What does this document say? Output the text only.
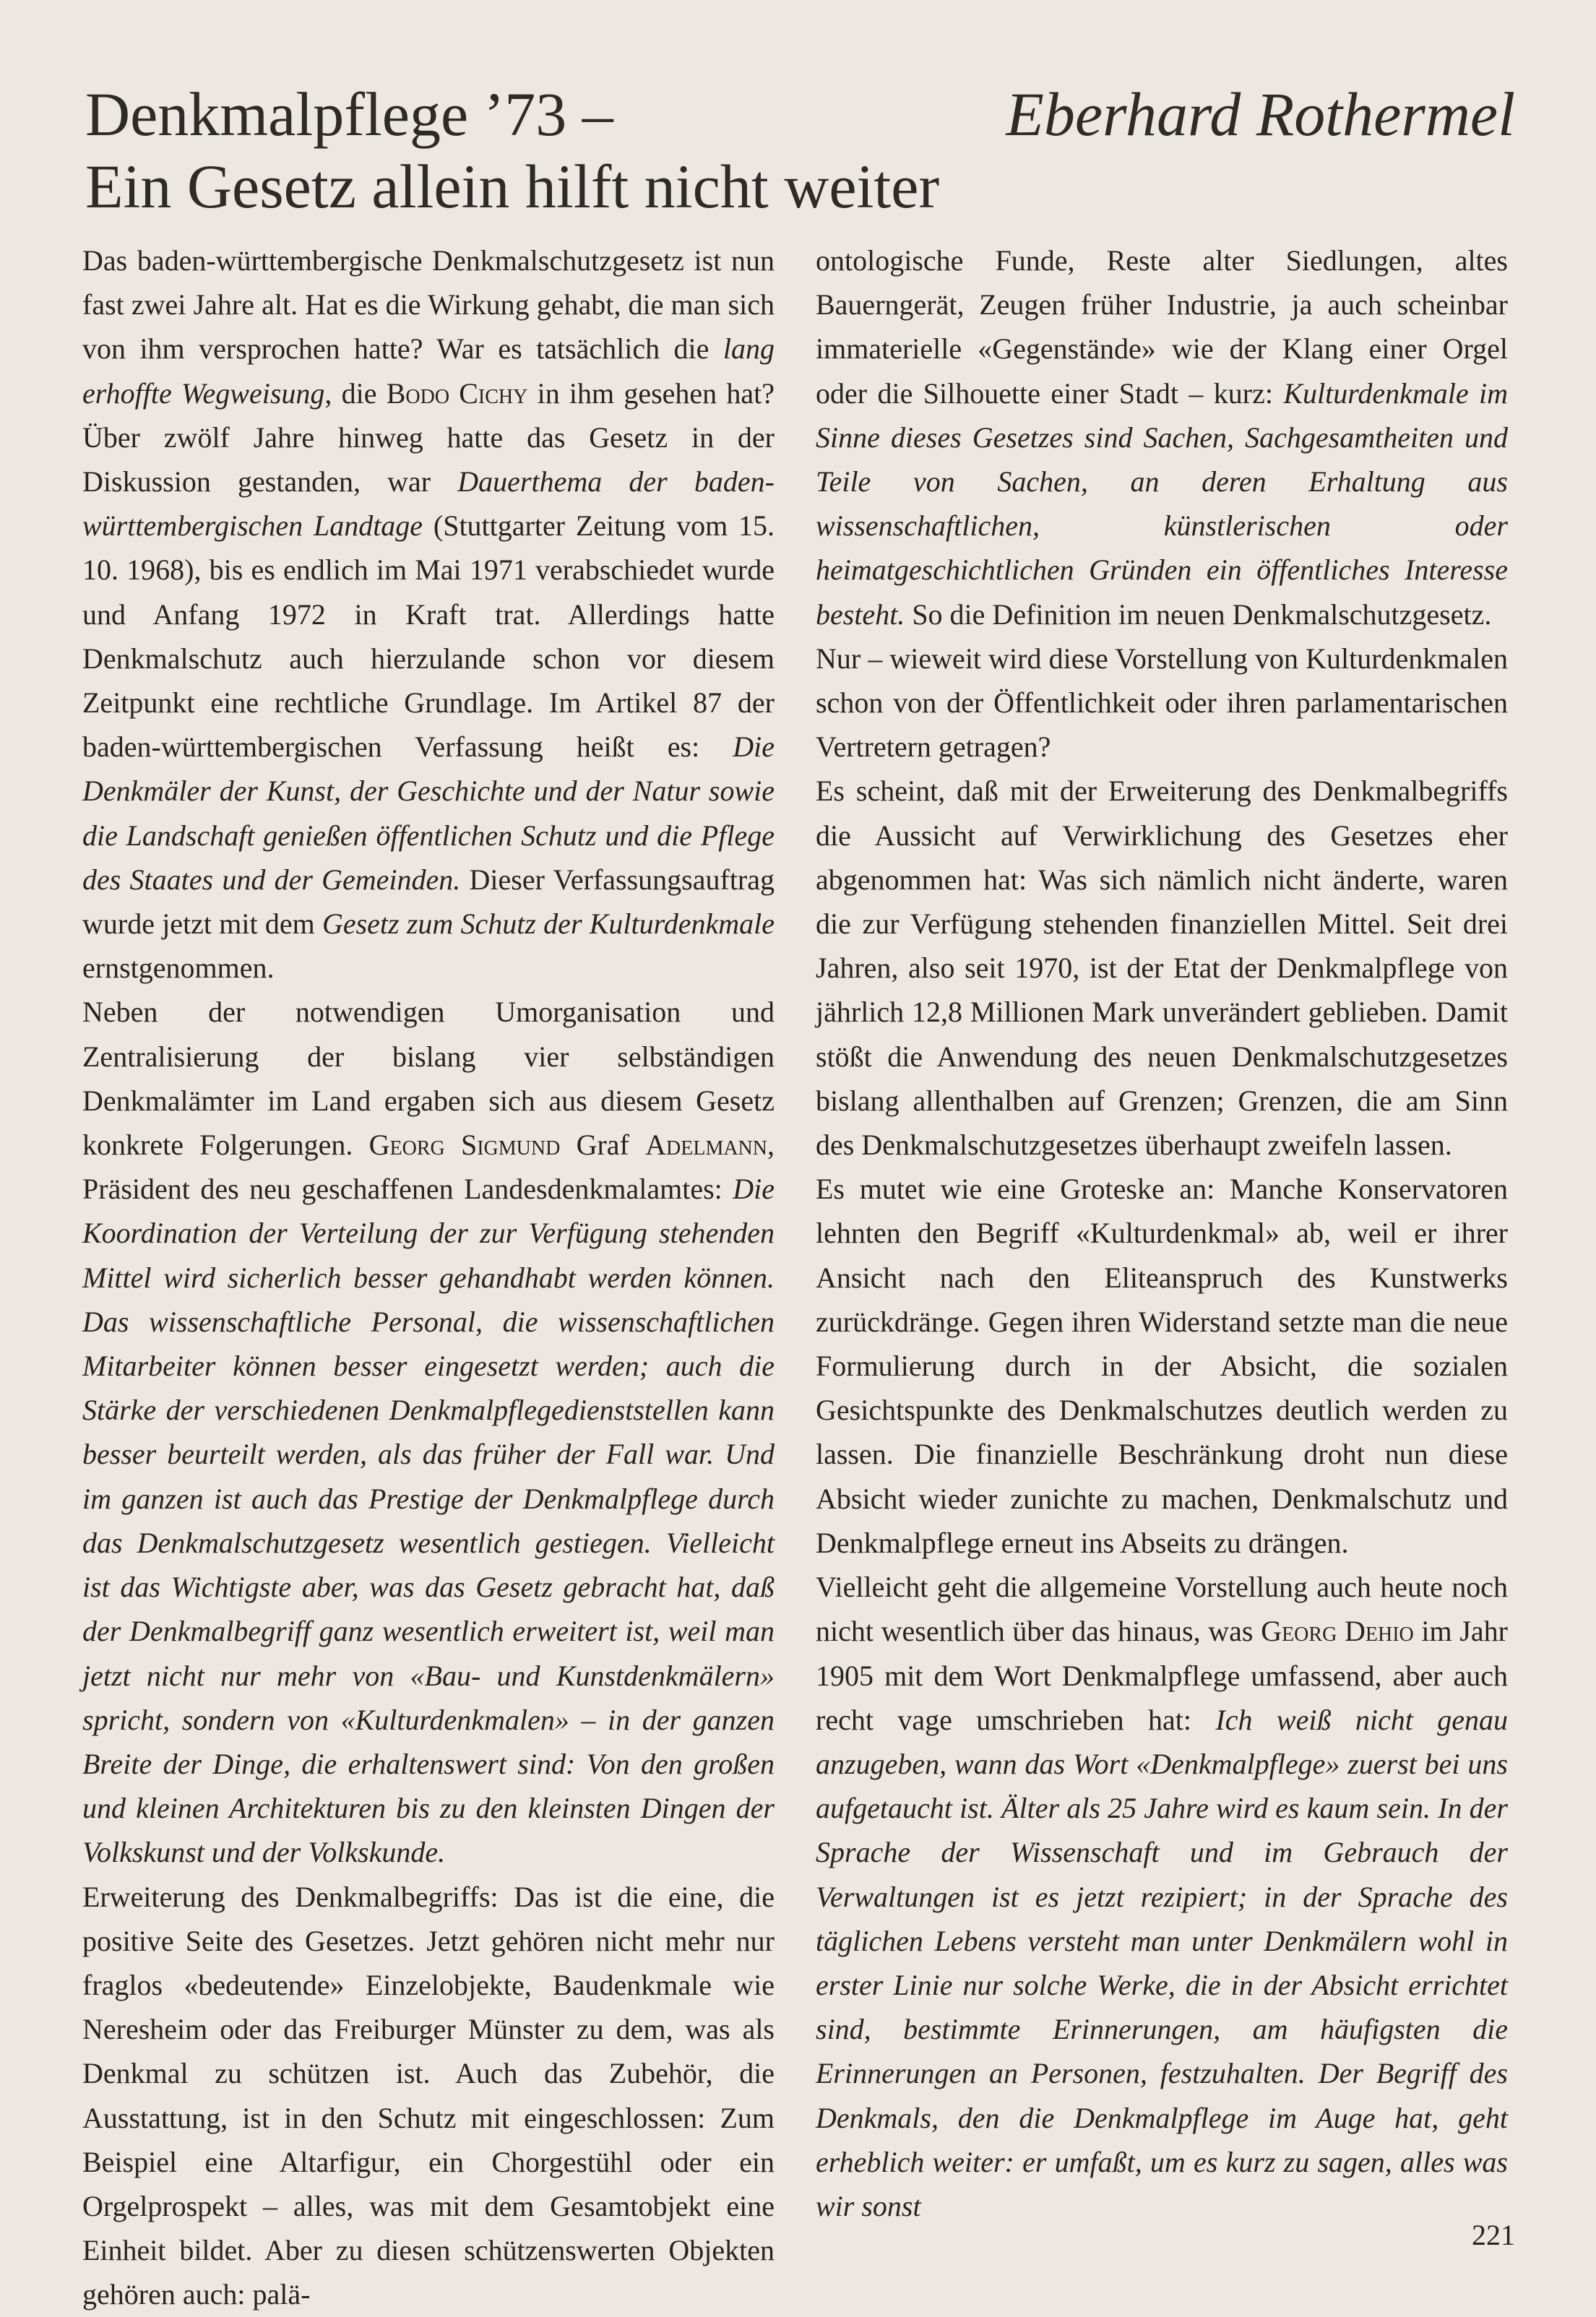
Denkmalpflege ’73 –
Ein Gesetz allein hilft nicht weiter
Eberhard Rothermel

Das baden-württembergische Denkmalschutzgesetz ist nun fast zwei Jahre alt. Hat es die Wirkung gehabt, die man sich von ihm versprochen hatte? War es tatsächlich die lang erhoffte Wegweisung, die Bodo Cichy in ihm gesehen hat? Über zwölf Jahre hinweg hatte das Gesetz in der Diskussion gestanden, war Dauerthema der baden-württembergischen Landtage (Stuttgarter Zeitung vom 15. 10. 1968), bis es endlich im Mai 1971 verabschiedet wurde und Anfang 1972 in Kraft trat. Allerdings hatte Denkmalschutz auch hierzulande schon vor diesem Zeitpunkt eine rechtliche Grundlage. Im Artikel 87 der baden-württembergischen Verfassung heißt es: Die Denkmäler der Kunst, der Geschichte und der Natur sowie die Landschaft genießen öffentlichen Schutz und die Pflege des Staates und der Gemeinden. Dieser Verfassungsauftrag wurde jetzt mit dem Gesetz zum Schutz der Kulturdenkmale ernstgenommen.

Neben der notwendigen Umorganisation und Zentralisierung der bislang vier selbständigen Denkmalämter im Land ergaben sich aus diesem Gesetz konkrete Folgerungen. Georg Sigmund Graf Adelmann, Präsident des neu geschaffenen Landesdenkmalamtes: Die Koordination der Verteilung der zur Verfügung stehenden Mittel wird sicherlich besser gehandhabt werden können. Das wissenschaftliche Personal, die wissenschaftlichen Mitarbeiter können besser eingesetzt werden; auch die Stärke der verschiedenen Denkmalpflegedienststellen kann besser beurteilt werden, als das früher der Fall war. Und im ganzen ist auch das Prestige der Denkmalpflege durch das Denkmalschutzgesetz wesentlich gestiegen. Vielleicht ist das Wichtigste aber, was das Gesetz gebracht hat, daß der Denkmalbegriff ganz wesentlich erweitert ist, weil man jetzt nicht nur mehr von «Bau- und Kunstdenkmälern» spricht, sondern von «Kulturdenkmalen» – in der ganzen Breite der Dinge, die erhaltenswert sind: Von den großen und kleinen Architekturen bis zu den kleinsten Dingen der Volkskunst und der Volkskunde.

Erweiterung des Denkmalbegriffs: Das ist die eine, die positive Seite des Gesetzes. Jetzt gehören nicht mehr nur fraglos «bedeutende» Einzelobjekte, Baudenkmale wie Neresheim oder das Freiburger Münster zu dem, was als Denkmal zu schützen ist. Auch das Zubehör, die Ausstattung, ist in den Schutz mit eingeschlossen: Zum Beispiel eine Altarfigur, ein Chorgestühl oder ein Orgelprospekt – alles, was mit dem Gesamtobjekt eine Einheit bildet. Aber zu diesen schützenswerten Objekten gehören auch: palä-

ontologische Funde, Reste alter Siedlungen, altes Bauerngerät, Zeugen früher Industrie, ja auch scheinbar immaterielle «Gegenstände» wie der Klang einer Orgel oder die Silhouette einer Stadt – kurz: Kulturdenkmale im Sinne dieses Gesetzes sind Sachen, Sachgesamtheiten und Teile von Sachen, an deren Erhaltung aus wissenschaftlichen, künstlerischen oder heimatgeschichtlichen Gründen ein öffentliches Interesse besteht. So die Definition im neuen Denkmalschutzgesetz.

Nur – wieweit wird diese Vorstellung von Kulturdenkmalen schon von der Öffentlichkeit oder ihren parlamentarischen Vertretern getragen?

Es scheint, daß mit der Erweiterung des Denkmalbegriffs die Aussicht auf Verwirklichung des Gesetzes eher abgenommen hat: Was sich nämlich nicht änderte, waren die zur Verfügung stehenden finanziellen Mittel. Seit drei Jahren, also seit 1970, ist der Etat der Denkmalpflege von jährlich 12,8 Millionen Mark unverändert geblieben. Damit stößt die Anwendung des neuen Denkmalschutzgesetzes bislang allenthalben auf Grenzen; Grenzen, die am Sinn des Denkmalschutzgesetzes überhaupt zweifeln lassen.

Es mutet wie eine Groteske an: Manche Konservatoren lehnten den Begriff «Kulturdenkmal» ab, weil er ihrer Ansicht nach den Eliteanspruch des Kunstwerks zurückdränge. Gegen ihren Widerstand setzte man die neue Formulierung durch in der Absicht, die sozialen Gesichtspunkte des Denkmalschutzes deutlich werden zu lassen. Die finanzielle Beschränkung droht nun diese Absicht wieder zunichte zu machen, Denkmalschutz und Denkmalpflege erneut ins Abseits zu drängen.

Vielleicht geht die allgemeine Vorstellung auch heute noch nicht wesentlich über das hinaus, was Georg Dehio im Jahr 1905 mit dem Wort Denkmalpflege umfassend, aber auch recht vage umschrieben hat: Ich weiß nicht genau anzugeben, wann das Wort «Denkmalpflege» zuerst bei uns aufgetaucht ist. Älter als 25 Jahre wird es kaum sein. In der Sprache der Wissenschaft und im Gebrauch der Verwaltungen ist es jetzt rezipiert; in der Sprache des täglichen Lebens versteht man unter Denkmälern wohl in erster Linie nur solche Werke, die in der Absicht errichtet sind, bestimmte Erinnerungen, am häufigsten die Erinnerungen an Personen, festzuhalten. Der Begriff des Denkmals, den die Denkmalpflege im Auge hat, geht erheblich weiter: er umfaßt, um es kurz zu sagen, alles was wir sonst

221
